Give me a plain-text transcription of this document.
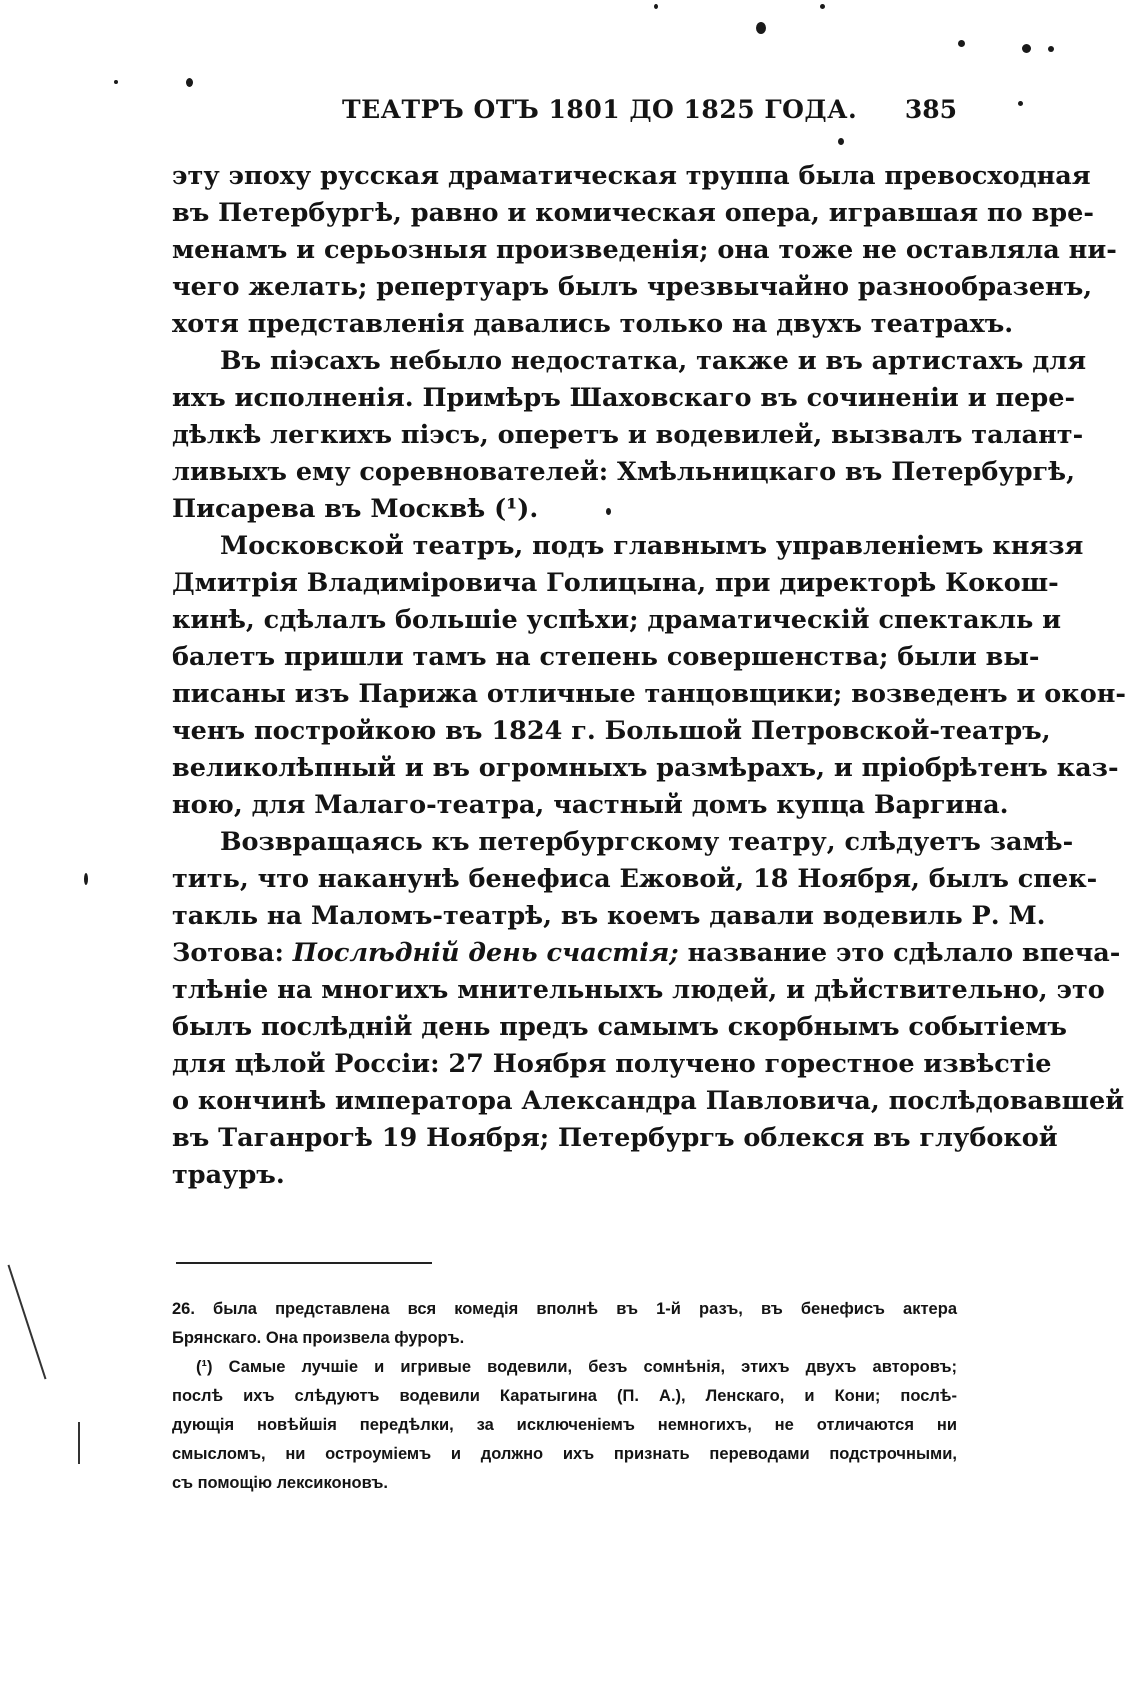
ТЕАТРЪ ОТЪ 1801 ДО 1825 ГОДА. 385
эту эпоху русская драматическая труппа была превосходная
въ Петербургѣ, равно и комическая опера, игравшая по вре-
менамъ и серьозныя произведенія; она тоже не оставляла ни-
чего желать; репертуаръ былъ чрезвычайно разнообразенъ,
хотя представленія давались только на двухъ театрахъ.
Въ піэсахъ небыло недостатка, также и въ артистахъ для
ихъ исполненія. Примѣръ Шаховскаго въ сочиненіи и пере-
дѣлкѣ легкихъ піэсъ, оперетъ и водевилей, вызвалъ талант-
ливыхъ ему соревнователей: Хмѣльницкаго въ Петербургѣ,
Писарева въ Москвѣ (¹).
Московской театръ, подъ главнымъ управленіемъ князя
Дмитрія Владиміровича Голицына, при директорѣ Кокош-
кинѣ, сдѣлалъ большіе успѣхи; драматическій спектакль и
балетъ пришли тамъ на степень совершенства; были вы-
писаны изъ Парижа отличные танцовщики; возведенъ и окон-
ченъ постройкою въ 1824 г. Большой Петровской-театръ,
великолѣпный и въ огромныхъ размѣрахъ, и пріобрѣтенъ каз-
ною, для Малаго-театра, частный домъ купца Варгина.
Возвращаясь къ петербургскому театру, слѣдуетъ замѣ-
тить, что наканунѣ бенефиса Ежовой, 18 Ноября, былъ спек-
такль на Маломъ-театрѣ, въ коемъ давали водевиль Р. М.
Зотова: Послѣдній день счастія; название это сдѣлало впеча-
тлѣніе на многихъ мнительныхъ людей, и дѣйствительно, это
былъ послѣдній день предъ самымъ скорбнымъ событіемъ
для цѣлой Россіи: 27 Ноября получено горестное извѣстіе
о кончинѣ императора Александра Павловича, послѣдовавшей
въ Таганрогѣ 19 Ноября; Петербургъ облекся въ глубокой
трауръ.
26. была представлена вся комедія вполнѣ въ 1-й разъ, въ бенефисъ актера
Брянскаго. Она произвела фуроръ.
(¹) Самые лучшіе и игривые водевили, безъ сомнѣнія, этихъ двухъ авторовъ;
послѣ ихъ слѣдуютъ водевили Каратыгина (П. А.), Ленскаго, и Кони; послѣ-
дующія новѣйшія передѣлки, за исключеніемъ немногихъ, не отличаются ни
смысломъ, ни остроуміемъ и должно ихъ признать переводами подстрочными,
съ помощію лексиконовъ.
